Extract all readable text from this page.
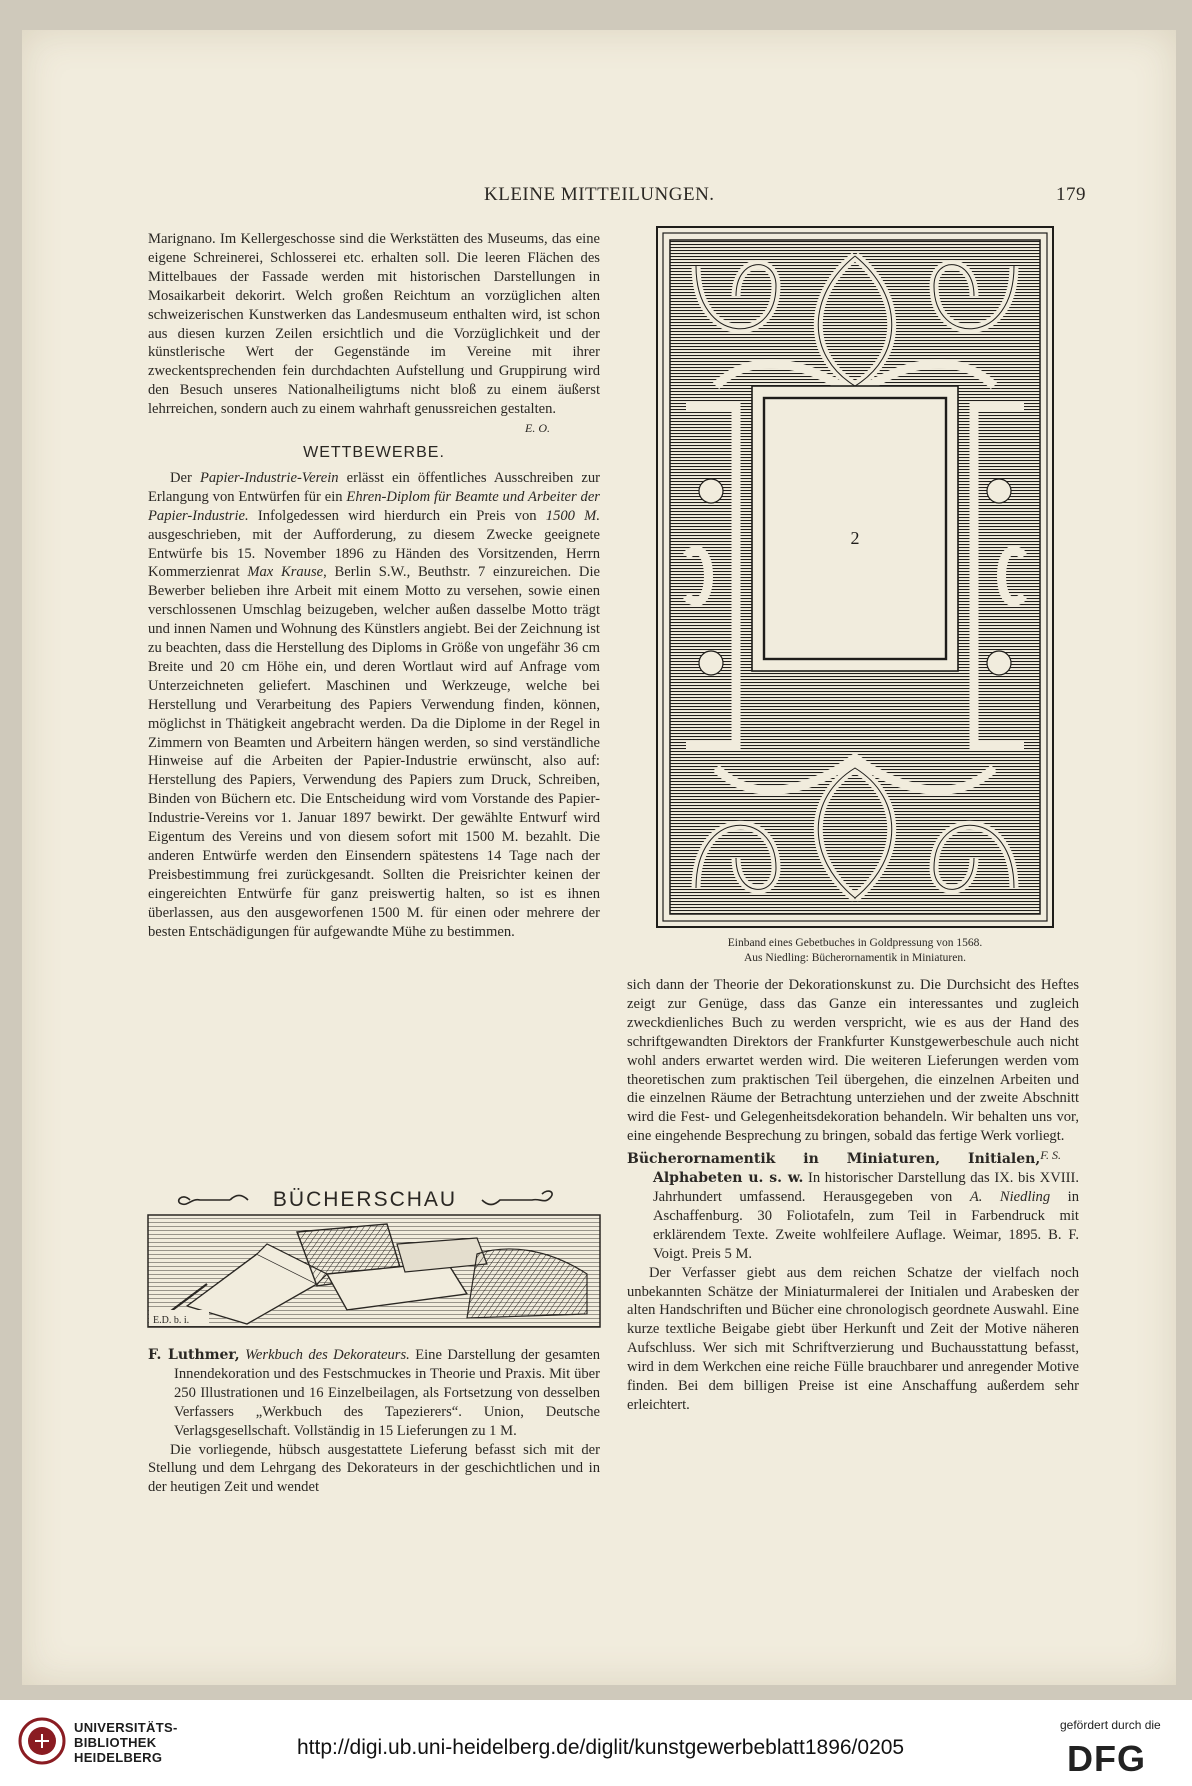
KLEINE MITTEILUNGEN.	179

Marignano. Im Kellergeschosse sind die Werkstätten des Museums, das eine eigene Schreinerei, Schlosserei etc. erhalten soll. Die leeren Flächen des Mittelbaues der Fassade werden mit historischen Darstellungen in Mosaikarbeit dekorirt. Welch großen Reichtum an vorzüglichen alten schweizerischen Kunstwerken das Landesmuseum enthalten wird, ist schon aus diesen kurzen Zeilen ersichtlich und die Vorzüglichkeit und der künstlerische Wert der Gegenstände im Vereine mit ihrer zweckentsprechenden fein durchdachten Aufstellung und Gruppirung wird den Besuch unseres Nationalheiligtums nicht bloß zu einem äußerst lehrreichen, sondern auch zu einem wahrhaft genussreichen gestalten.

E. O.

WETTBEWERBE.

Der Papier-Industrie-Verein erlässt ein öffentliches Ausschreiben zur Erlangung von Entwürfen für ein Ehren-Diplom für Beamte und Arbeiter der Papier-Industrie. Infolgedessen wird hierdurch ein Preis von 1500 M. ausgeschrieben, mit der Aufforderung, zu diesem Zwecke geeignete Entwürfe bis 15. November 1896 zu Händen des Vorsitzenden, Herrn Kommerzienrat Max Krause, Berlin S.W., Beuthstr. 7 einzureichen. Die Bewerber belieben ihre Arbeit mit einem Motto zu versehen, sowie einen verschlossenen Umschlag beizugeben, welcher außen dasselbe Motto trägt und innen Namen und Wohnung des Künstlers angiebt. Bei der Zeichnung ist zu beachten, dass die Herstellung des Diploms in Größe von ungefähr 36 cm Breite und 20 cm Höhe ein, und deren Wortlaut wird auf Anfrage vom Unterzeichneten geliefert. Maschinen und Werkzeuge, welche bei Herstellung und Verarbeitung des Papiers Verwendung finden, können, möglichst in Thätigkeit angebracht werden. Da die Diplome in der Regel in Zimmern von Beamten und Arbeitern hängen werden, so sind verständliche Hinweise auf die Arbeiten der Papier-Industrie erwünscht, also auf: Herstellung des Papiers, Verwendung des Papiers zum Druck, Schreiben, Binden von Büchern etc. Die Entscheidung wird vom Vorstande des Papier-Industrie-Vereins vor 1. Januar 1897 bewirkt. Der gewählte Entwurf wird Eigentum des Vereins und von diesem sofort mit 1500 M. bezahlt. Die anderen Entwürfe werden den Einsendern spätestens 14 Tage nach der Preisbestimmung frei zurückgesandt. Sollten die Preisrichter keinen der eingereichten Entwürfe für ganz preiswertig halten, so ist es ihnen überlassen, aus den ausgeworfenen 1500 M. für einen oder mehrere der besten Entschädigungen für aufgewandte Mühe zu bestimmen.

BÜCHERSCHAU
E.D. b. i.

F. Luthmer, Werkbuch des Dekorateurs. Eine Darstellung der gesamten Innendekoration und des Festschmuckes in Theorie und Praxis. Mit über 250 Illustrationen und 16 Einzelbeilagen, als Fortsetzung von desselben Verfassers „Werkbuch des Tapezierers“. Union, Deutsche Verlagsgesellschaft. Vollständig in 15 Lieferungen zu 1 M.

Die vorliegende, hübsch ausgestattete Lieferung befasst sich mit der Stellung und dem Lehrgang des Dekorateurs in der geschichtlichen und in der heutigen Zeit und wendet

2
Einband eines Gebetbuches in Goldpressung von 1568.
Aus Niedling: Bücherornamentik in Miniaturen.

sich dann der Theorie der Dekorationskunst zu. Die Durchsicht des Heftes zeigt zur Genüge, dass das Ganze ein interessantes und zugleich zweckdienliches Buch zu werden verspricht, wie es aus der Hand des schriftgewandten Direktors der Frankfurter Kunstgewerbeschule auch nicht wohl anders erwartet werden wird. Die weiteren Lieferungen werden vom theoretischen zum praktischen Teil übergehen, die einzelnen Arbeiten und die einzelnen Räume der Betrachtung unterziehen und der zweite Abschnitt wird die Fest- und Gelegenheitsdekoration behandeln. Wir behalten uns vor, eine eingehende Besprechung zu bringen, sobald das fertige Werk vorliegt.
F. S.

Bücherornamentik in Miniaturen, Initialen, Alphabeten u. s. w. In historischer Darstellung das IX. bis XVIII. Jahrhundert umfassend. Herausgegeben von A. Niedling in Aschaffenburg. 30 Foliotafeln, zum Teil in Farbendruck mit erklärendem Texte. Zweite wohlfeilere Auflage. Weimar, 1895. B. F. Voigt. Preis 5 M.

Der Verfasser giebt aus dem reichen Schatze der vielfach noch unbekannten Schätze der Miniaturmalerei der Initialen und Arabesken der alten Handschriften und Bücher eine chronologisch geordnete Auswahl. Eine kurze textliche Beigabe giebt über Herkunft und Zeit der Motive näheren Aufschluss. Wer sich mit Schriftverzierung und Buchausstattung befasst, wird in dem Werkchen eine reiche Fülle brauchbarer und anregender Motive finden. Bei dem billigen Preise ist eine Anschaffung außerdem sehr erleichtert.

UNIVERSITÄTS-
BIBLIOTHEK
HEIDELBERG	http://digi.ub.uni-heidelberg.de/diglit/kunstgewerbeblatt1896/0205
gefördert durch die
DFG
